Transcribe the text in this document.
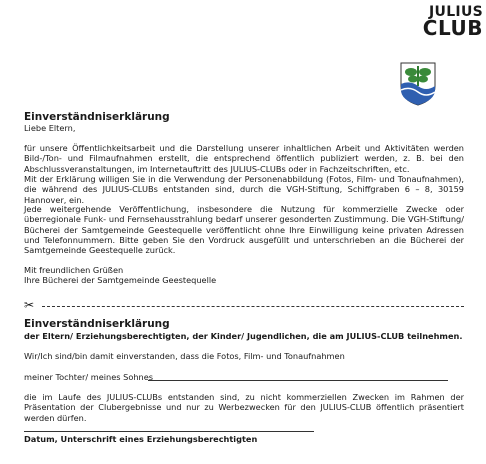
JULIUS
CLUB
Einverständniserklärung
Liebe Eltern,
für unsere Öffentlichkeitsarbeit und die Darstellung unserer inhaltlichen Arbeit und Aktivitäten werden Bild-/Ton- und Filmaufnahmen erstellt, die entsprechend öffentlich publiziert werden, z. B. bei den Abschlussveranstaltungen, im Internetauftritt des JULIUS-CLUBs oder in Fachzeitschriften, etc.
Mit der Erklärung willigen Sie in die Verwendung der Personenabbildung (Fotos, Film- und Tonaufnahmen), die während des JULIUS-CLUBs entstanden sind, durch die VGH-Stiftung, Schiffgraben 6 – 8, 30159 Hannover, ein.
Jede weitergehende Veröffentlichung, insbesondere die Nutzung für kommerzielle Zwecke oder überregionale Funk- und Fernsehausstrahlung bedarf unserer gesonderten Zustimmung. Die VGH-Stiftung/ Bücherei der Samtgemeinde Geestequelle veröffentlicht ohne Ihre Einwilligung keine privaten Adressen und Telefonnummern. Bitte geben Sie den Vordruck ausgefüllt und unterschrieben an die Bücherei der Samtgemeinde Geestequelle zurück.
Mit freundlichen Grüßen
Ihre Bücherei der Samtgemeinde Geestequelle
✂
Einverständniserklärung
der Eltern/ Erziehungsberechtigten, der Kinder/ Jugendlichen, die am JULIUS-CLUB teilnehmen.
Wir/Ich sind/bin damit einverstanden, dass die Fotos, Film- und Tonaufnahmen
meiner Tochter/ meines Sohnes
die im Laufe des JULIUS-CLUBs entstanden sind, zu nicht kommerziellen Zwecken im Rahmen der Präsentation der Clubergebnisse und nur zu Werbezwecken für den JULIUS-CLUB öffentlich präsentiert werden dürfen.
Datum, Unterschrift eines Erziehungsberechtigten
